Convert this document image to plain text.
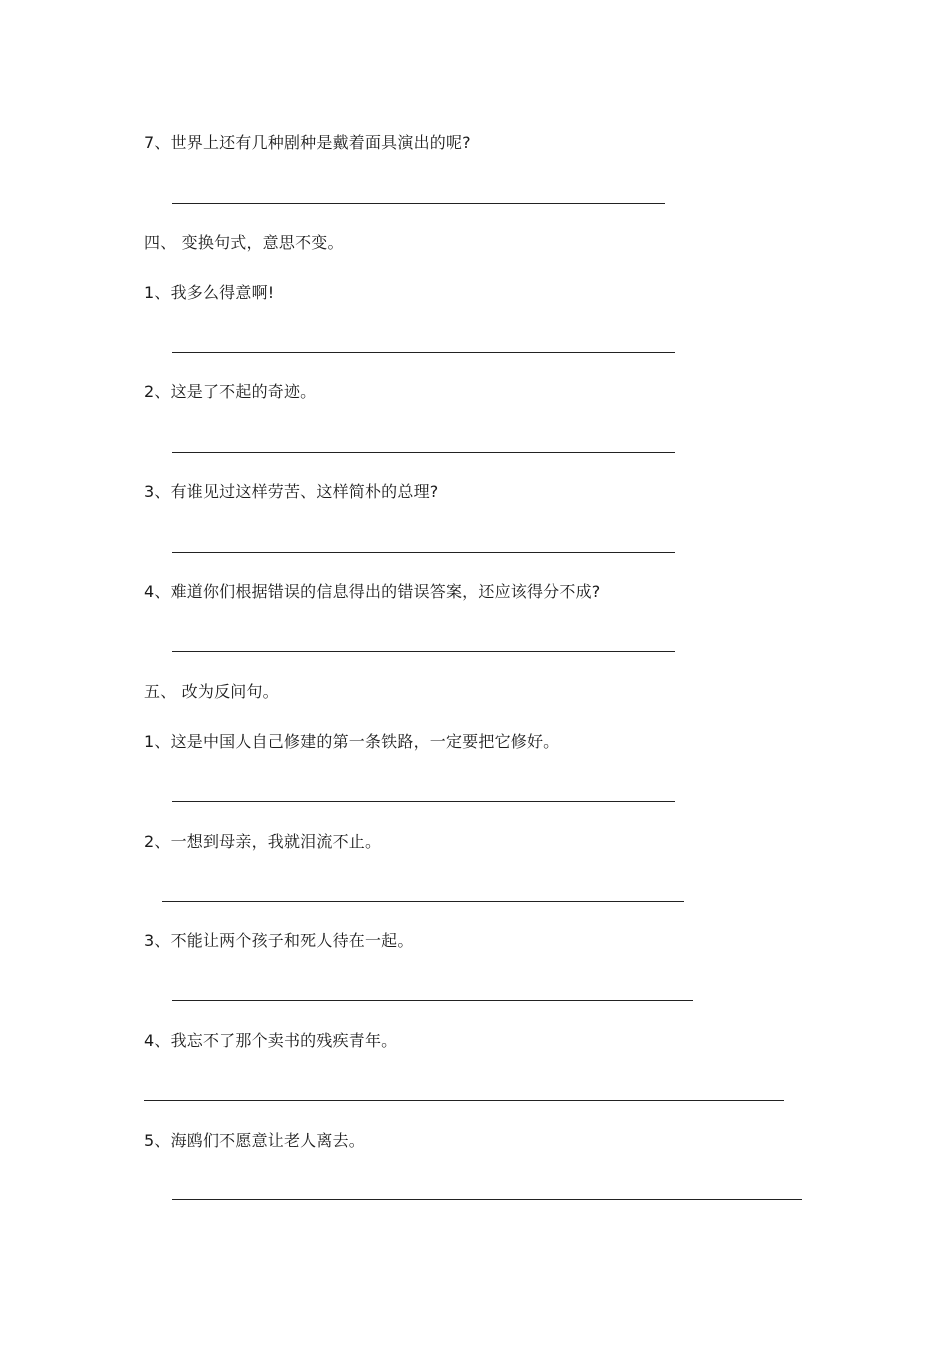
7、世界上还有几种剧种是戴着面具演出的呢?
四、 变换句式，意思不变。
1、我多么得意啊!
2、这是了不起的奇迹。
3、有谁见过这样劳苦、这样简朴的总理?
4、难道你们根据错误的信息得出的错误答案，还应该得分不成?
五、 改为反问句。
1、这是中国人自己修建的第一条铁路，一定要把它修好。
2、一想到母亲，我就泪流不止。
3、不能让两个孩子和死人待在一起。
4、我忘不了那个卖书的残疾青年。
5、海鸥们不愿意让老人离去。
